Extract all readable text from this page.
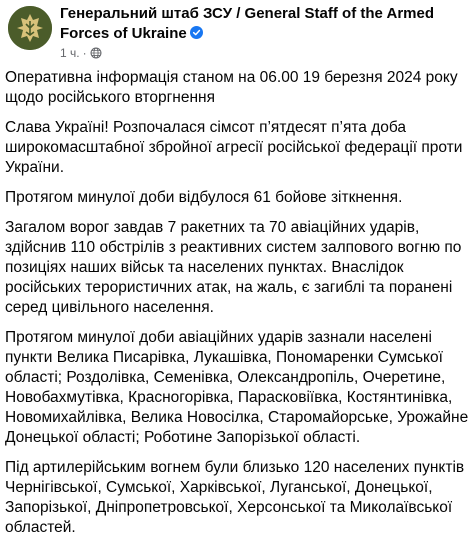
Генеральний штаб ЗСУ / General Staff of the Armed Forces of Ukraine
1 ч. ·

Оперативна інформація станом на 06.00 19 березня 2024 року щодо російського вторгнення

Слава Україні! Розпочалася сімсот п’ятдесят п’ята доба широкомасштабної збройної агресії російської федерації проти України.

Протягом минулої доби відбулося 61 бойове зіткнення.

Загалом ворог завдав 7 ракетних та 70 авіаційних ударів, здійснив 110 обстрілів з реактивних систем залпового вогню по позиціях наших військ та населених пунктах. Внаслідок російських терористичних атак, на жаль, є загиблі та поранені серед цивільного населення.

Протягом минулої доби авіаційних ударів зазнали населені пункти Велика Писарівка, Лукашівка, Пономаренки Сумської області; Роздолівка, Семенівка, Олександропіль, Очеретине, Новобахмутівка, Красногорівка, Парасковіївка, Костянтинівка, Новомихайлівка, Велика Новосілка, Старомайорське, Урожайне Донецької області; Роботине Запорізької області.

Під артилерійським вогнем були близько 120 населених пунктів Чернігівської, Сумської, Харківської, Луганської, Донецької, Запорізької, Дніпропетровської, Херсонської та Миколаївської областей.
